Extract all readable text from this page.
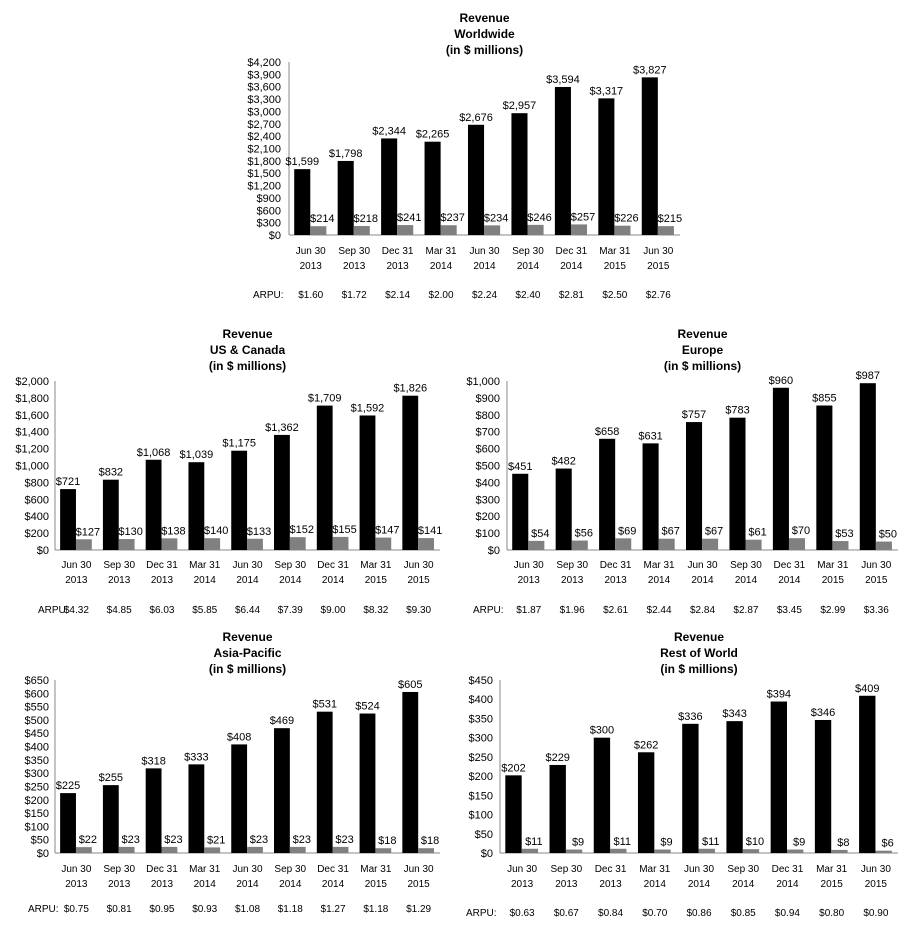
Revenue
Worldwide
(in $ millions)
$0
$300
$600
$900
$1,200
$1,500
$1,800
$2,100
$2,400
$2,700
$3,000
$3,300
$3,600
$3,900
$4,200
$1,599
$214
Jun 30
2013
$1.60
$1,798
$218
Sep 30
2013
$1.72
$2,344
$241
Dec 31
2013
$2.14
$2,265
$237
Mar 31
2014
$2.00
$2,676
$234
Jun 30
2014
$2.24
$2,957
$246
Sep 30
2014
$2.40
$3,594
$257
Dec 31
2014
$2.81
$3,317
$226
Mar 31
2015
$2.50
$3,827
$215
Jun 30
2015
$2.76
ARPU:
Revenue
US & Canada
(in $ millions)
$0
$200
$400
$600
$800
$1,000
$1,200
$1,400
$1,600
$1,800
$2,000
$721
$127
Jun 30
2013
$4.32
$832
$130
Sep 30
2013
$4.85
$1,068
$138
Dec 31
2013
$6.03
$1,039
$140
Mar 31
2014
$5.85
$1,175
$133
Jun 30
2014
$6.44
$1,362
$152
Sep 30
2014
$7.39
$1,709
$155
Dec 31
2014
$9.00
$1,592
$147
Mar 31
2015
$8.32
$1,826
$141
Jun 30
2015
$9.30
ARPU:
Revenue
Europe
(in $ millions)
$0
$100
$200
$300
$400
$500
$600
$700
$800
$900
$1,000
$451
$54
Jun 30
2013
$1.87
$482
$56
Sep 30
2013
$1.96
$658
$69
Dec 31
2013
$2.61
$631
$67
Mar 31
2014
$2.44
$757
$67
Jun 30
2014
$2.84
$783
$61
Sep 30
2014
$2.87
$960
$70
Dec 31
2014
$3.45
$855
$53
Mar 31
2015
$2.99
$987
$50
Jun 30
2015
$3.36
ARPU:
Revenue
Asia-Pacific
(in $ millions)
$0
$50
$100
$150
$200
$250
$300
$350
$400
$450
$500
$550
$600
$650
$225
$22
Jun 30
2013
$0.75
$255
$23
Sep 30
2013
$0.81
$318
$23
Dec 31
2013
$0.95
$333
$21
Mar 31
2014
$0.93
$408
$23
Jun 30
2014
$1.08
$469
$23
Sep 30
2014
$1.18
$531
$23
Dec 31
2014
$1.27
$524
$18
Mar 31
2015
$1.18
$605
$18
Jun 30
2015
$1.29
ARPU:
Revenue
Rest of World
(in $ millions)
$0
$50
$100
$150
$200
$250
$300
$350
$400
$450
$202
$11
Jun 30
2013
$0.63
$229
$9
Sep 30
2013
$0.67
$300
$11
Dec 31
2013
$0.84
$262
$9
Mar 31
2014
$0.70
$336
$11
Jun 30
2014
$0.86
$343
$10
Sep 30
2014
$0.85
$394
$9
Dec 31
2014
$0.94
$346
$8
Mar 31
2015
$0.80
$409
$6
Jun 30
2015
$0.90
ARPU:
